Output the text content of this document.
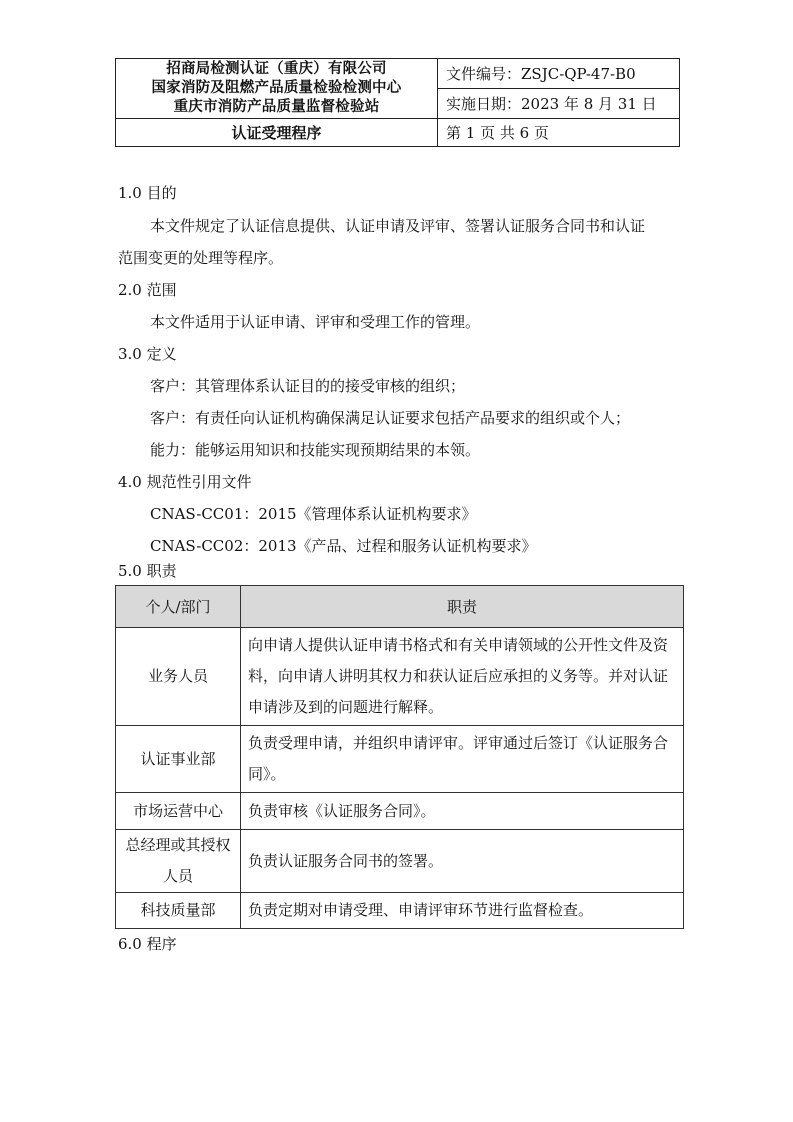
招商局检测认证（重庆）有限公司
国家消防及阻燃产品质量检验检测中心
重庆市消防产品质量监督检验站	文件编号：ZSJC-QP-47-B0
	实施日期：2023 年 8 月 31 日
认证受理程序	第 1 页 共 6 页
1.0 目的
本文件规定了认证信息提供、认证申请及评审、签署认证服务合同书和认证
范围变更的处理等程序。
2.0 范围
本文件适用于认证申请、评审和受理工作的管理。
3.0 定义
客户：其管理体系认证目的的接受审核的组织；
客户：有责任向认证机构确保满足认证要求包括产品要求的组织或个人；
能力：能够运用知识和技能实现预期结果的本领。
4.0 规范性引用文件
CNAS-CC01：2015《管理体系认证机构要求》
CNAS-CC02：2013《产品、过程和服务认证机构要求》
5.0 职责
个人/部门	职责
业务人员	向申请人提供认证申请书格式和有关申请领域的公开性文件及资料，向申请人讲明其权力和获认证后应承担的义务等。并对认证申请涉及到的问题进行解释。
认证事业部	负责受理申请，并组织申请评审。评审通过后签订《认证服务合同》。
市场运营中心	负责审核《认证服务合同》。
总经理或其授权人员	负责认证服务合同书的签署。
科技质量部	负责定期对申请受理、申请评审环节进行监督检查。
6.0 程序
